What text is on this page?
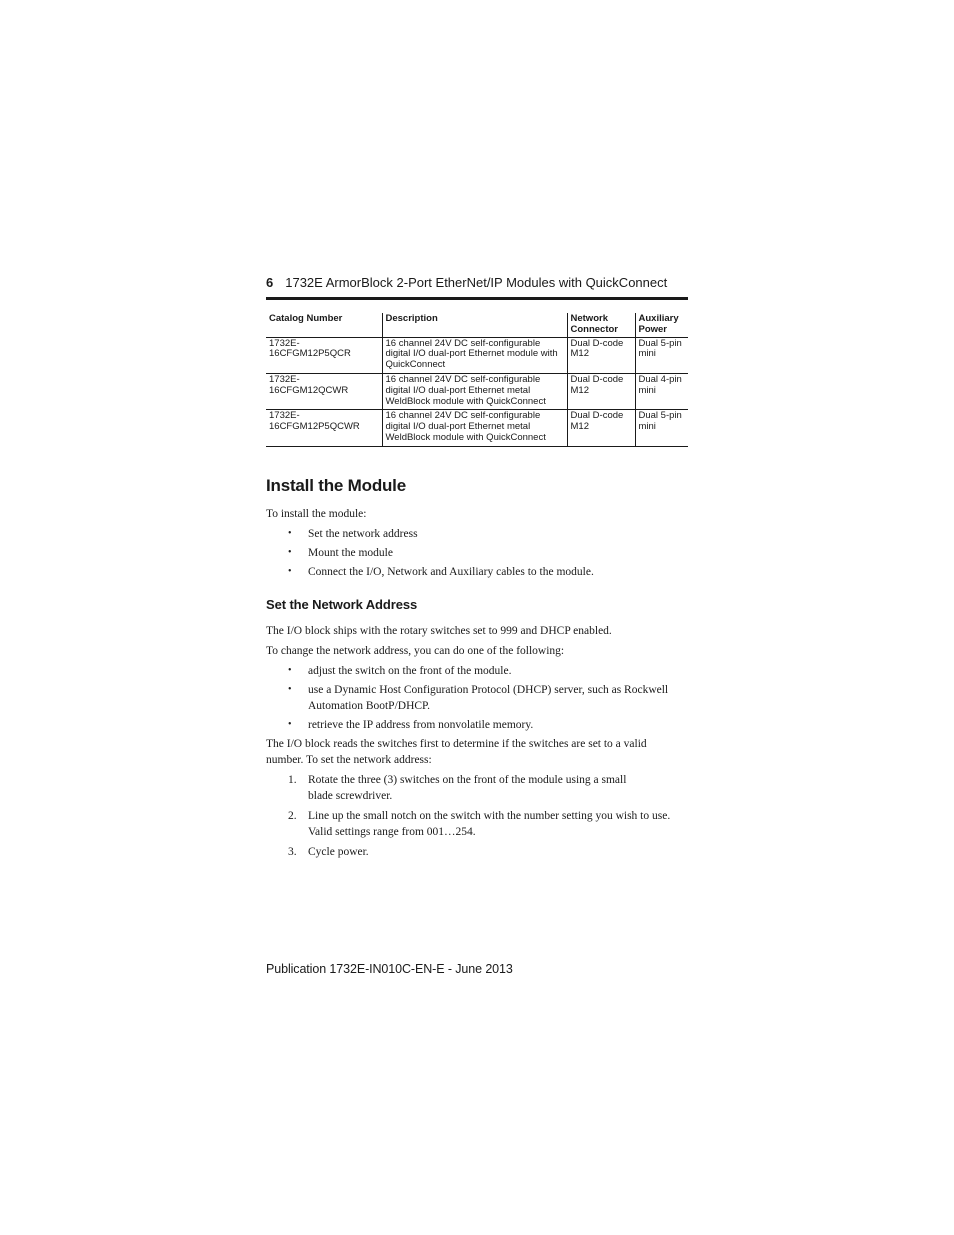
6 1732E ArmorBlock 2-Port EtherNet/IP Modules with QuickConnect
Catalog Number	Description	Network Connector	Auxiliary Power
1732E-16CFGM12P5QCR	16 channel 24V DC self-configurable digital I/O dual-port Ethernet module with QuickConnect	Dual D-code M12	Dual 5-pin mini
1732E-16CFGM12QCWR	16 channel 24V DC self-configurable digital I/O dual-port Ethernet metal WeldBlock module with QuickConnect	Dual D-code M12	Dual 4-pin mini
1732E-16CFGM12P5QCWR	16 channel 24V DC self-configurable digital I/O dual-port Ethernet metal WeldBlock module with QuickConnect	Dual D-code M12	Dual 5-pin mini
Install the Module

To install the module:

• Set the network address
• Mount the module
• Connect the I/O, Network and Auxiliary cables to the module.
Set the Network Address

The I/O block ships with the rotary switches set to 999 and DHCP enabled.

To change the network address, you can do one of the following:

• adjust the switch on the front of the module.
• use a Dynamic Host Configuration Protocol (DHCP) server, such as Rockwell Automation BootP/DHCP.
• retrieve the IP address from nonvolatile memory.

The I/O block reads the switches first to determine if the switches are set to a valid number. To set the network address:

1. Rotate the three (3) switches on the front of the module using a small blade screwdriver.
2. Line up the small notch on the switch with the number setting you wish to use. Valid settings range from 001…254.
3. Cycle power.
Publication 1732E-IN010C-EN-E - June 2013
